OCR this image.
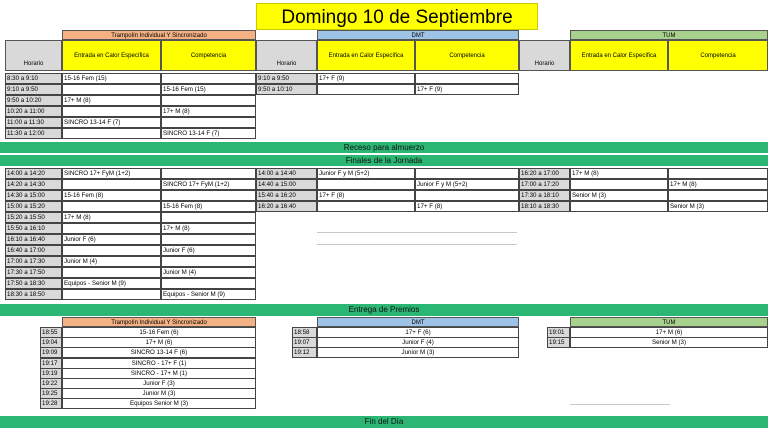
Domingo 10 de Septiembre
Trampolín Individual Y Sincronizado	DMT	TUM
Horario
Entrada en Calor Específica	Competencia
Horario
Entrada en Calor Específica	Competencia
Horario
Entrada en Calor Específica	Competencia
8:30 a 9:10	15-16 Fem (15)
9:10 a 9:50	15-16 Fem (15)
9:50 a 10:20	17+ M (8)
10:20 a 11:00	17+ M (8)
11:00 a 11:30	SINCRO 13-14 F (7)
11:30 a 12:00	SINCRO 13-14 F (7)
9:10 a 9:50	17+ F (9)
9:50 a 10:10	17+ F (9)
Receso para almuerzo
Finales de la Jornada
14:00 a 14:20	SINCRO 17+ FyM (1+2)
14:20 a 14:30	SINCRO 17+ FyM (1+2)
14:30 a 15:00	15-16 Fem (8)
15:00 a 15:20	15-16 Fem (8)
15:20 a 15:50	17+ M (8)
15:50 a 16:10	17+ M (8)
16:10 a 16:40	Junior F (6)
16:40 a 17:00	Junior F (6)
17:00 a 17:30	Junior M (4)
17:30 a 17:50	Junior M (4)
17:50 a 18:30	Equipos - Senior M (9)
18:30 a 18:50	Equipos - Senior M (9)
14:00 a 14:40	Junior F y M (5+2)
14:40 a 15:00	Junior F y M (5+2)
15:40 a 16:20	17+ F (8)
16:20 a 16:40	17+ F (8)
16:20 a 17:00	17+ M (8)
17:00 a 17:20	17+ M (8)
17:30 a 18:10	Senior M (3)
18:10 a 18:30	Senior M (3)
Entrega de Premios
Trampolín Individual Y Sincronizado	DMT	TUM
18:55	15-16 Fem (6)
19:04	17+ M (6)
19:09	SINCRO 13-14 F (6)
19:17	SINCRO - 17+ F (1)
19:19	SINCRO - 17+ M (1)
19:22	Junior F (3)
19:25	Junior M (3)
19:28	Equipos Senior M (3)
18:58	17+ F (6)
19:07	Junior F (4)
19:12	Junior M (3)
19:01	17+ M (6)
19:15	Senior M (3)
Fin del Día
